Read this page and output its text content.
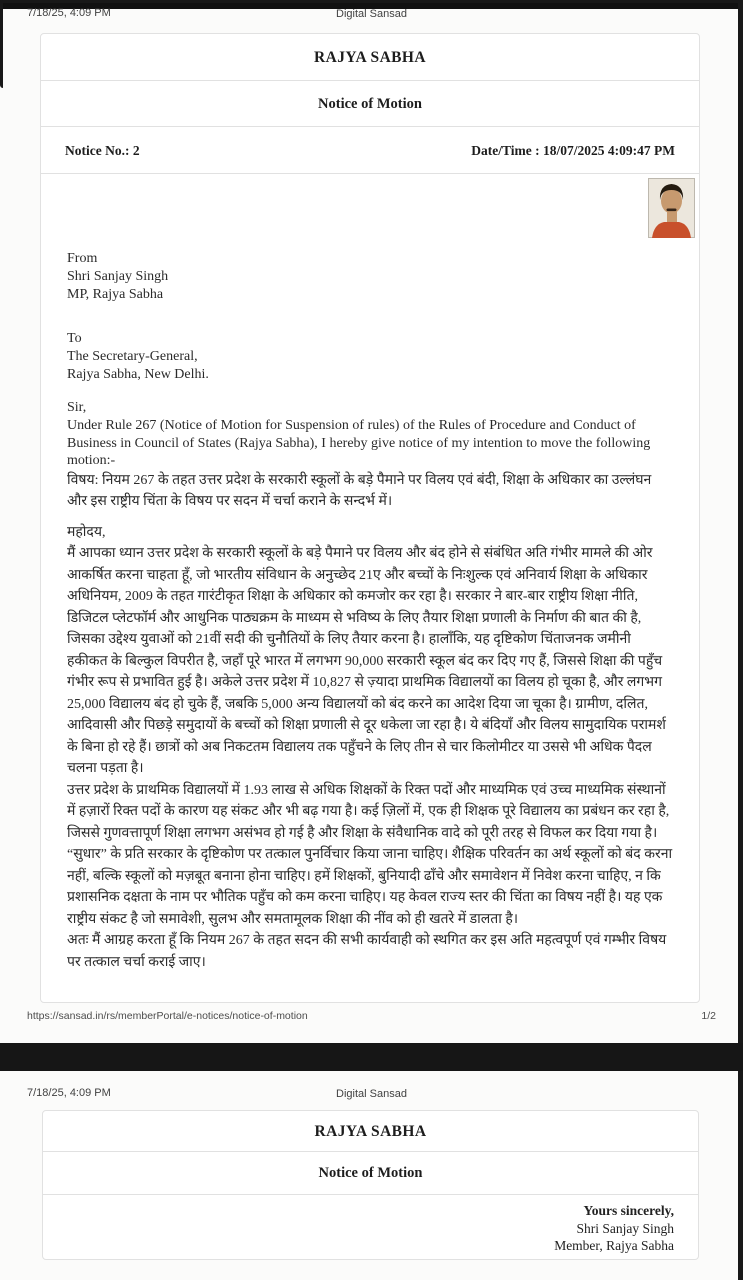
7/18/25, 4:09 PM	Digital Sansad
RAJYA SABHA
Notice of Motion
Notice No.: 2	Date/Time : 18/07/2025 4:09:47 PM
From
Shri Sanjay Singh
MP, Rajya Sabha
To
The Secretary-General,
Rajya Sabha, New Delhi.
Sir,

Under Rule 267 (Notice of Motion for Suspension of rules) of the Rules of Procedure and Conduct of Business in Council of States (Rajya Sabha), I hereby give notice of my intention to move the following motion:-

विषय: नियम 267 के तहत उत्तर प्रदेश के सरकारी स्कूलों के बड़े पैमाने पर विलय एवं बंदी, शिक्षा के अधिकार का उल्लंघन और इस राष्ट्रीय चिंता के विषय पर सदन में चर्चा कराने के सन्दर्भ में।

महोदय,

मैं आपका ध्यान उत्तर प्रदेश के सरकारी स्कूलों के बड़े पैमाने पर विलय और बंद होने से संबंधित अति गंभीर मामले की ओर आकर्षित करना चाहता हूँ, जो भारतीय संविधान के अनुच्छेद 21ए और बच्चों के निःशुल्क एवं अनिवार्य शिक्षा के अधिकार अधिनियम, 2009 के तहत गारंटीकृत शिक्षा के अधिकार को कमजोर कर रहा है। सरकार ने बार-बार राष्ट्रीय शिक्षा नीति, डिजिटल प्लेटफॉर्म और आधुनिक पाठ्यक्रम के माध्यम से भविष्य के लिए तैयार शिक्षा प्रणाली के निर्माण की बात की है, जिसका उद्देश्य युवाओं को 21वीं सदी की चुनौतियों के लिए तैयार करना है। हालाँकि, यह दृष्टिकोण चिंताजनक जमीनी हकीकत के बिल्कुल विपरीत है, जहाँ पूरे भारत में लगभग 90,000 सरकारी स्कूल बंद कर दिए गए हैं, जिससे शिक्षा की पहुँच गंभीर रूप से प्रभावित हुई है। अकेले उत्तर प्रदेश में 10,827 से ज़्यादा प्राथमिक विद्यालयों का विलय हो चूका है, और लगभग 25,000 विद्यालय बंद हो चुके हैं, जबकि 5,000 अन्य विद्यालयों को बंद करने का आदेश दिया जा चूका है। ग्रामीण, दलित, आदिवासी और पिछड़े समुदायों के बच्चों को शिक्षा प्रणाली से दूर धकेला जा रहा है। ये बंदियाँ और विलय सामुदायिक परामर्श के बिना हो रहे हैं। छात्रों को अब निकटतम विद्यालय तक पहुँचने के लिए तीन से चार किलोमीटर या उससे भी अधिक पैदल चलना पड़ता है।

उत्तर प्रदेश के प्राथमिक विद्यालयों में 1.93 लाख से अधिक शिक्षकों के रिक्त पदों और माध्यमिक एवं उच्च माध्यमिक संस्थानों में हज़ारों रिक्त पदों के कारण यह संकट और भी बढ़ गया है। कई ज़िलों में, एक ही शिक्षक पूरे विद्यालय का प्रबंधन कर रहा है, जिससे गुणवत्तापूर्ण शिक्षा लगभग असंभव हो गई है और शिक्षा के संवैधानिक वादे को पूरी तरह से विफल कर दिया गया है। “सुधार” के प्रति सरकार के दृष्टिकोण पर तत्काल पुनर्विचार किया जाना चाहिए। शैक्षिक परिवर्तन का अर्थ स्कूलों को बंद करना नहीं, बल्कि स्कूलों को मज़बूत बनाना होना चाहिए। हमें शिक्षकों, बुनियादी ढाँचे और समावेशन में निवेश करना चाहिए, न कि प्रशासनिक दक्षता के नाम पर भौतिक पहुँच को कम करना चाहिए। यह केवल राज्य स्तर की चिंता का विषय नहीं है। यह एक राष्ट्रीय संकट है जो समावेशी, सुलभ और समतामूलक शिक्षा की नींव को ही खतरे में डालता है।

अतः मैं आग्रह करता हूँ कि नियम 267 के तहत सदन की सभी कार्यवाही को स्थगित कर इस अति महत्वपूर्ण एवं गम्भीर विषय पर तत्काल चर्चा कराई जाए।

https://sansad.in/rs/memberPortal/e-notices/notice-of-motion	1/2
7/18/25, 4:09 PM	Digital Sansad
RAJYA SABHA
Notice of Motion
Yours sincerely,
Shri Sanjay Singh
Member, Rajya Sabha
